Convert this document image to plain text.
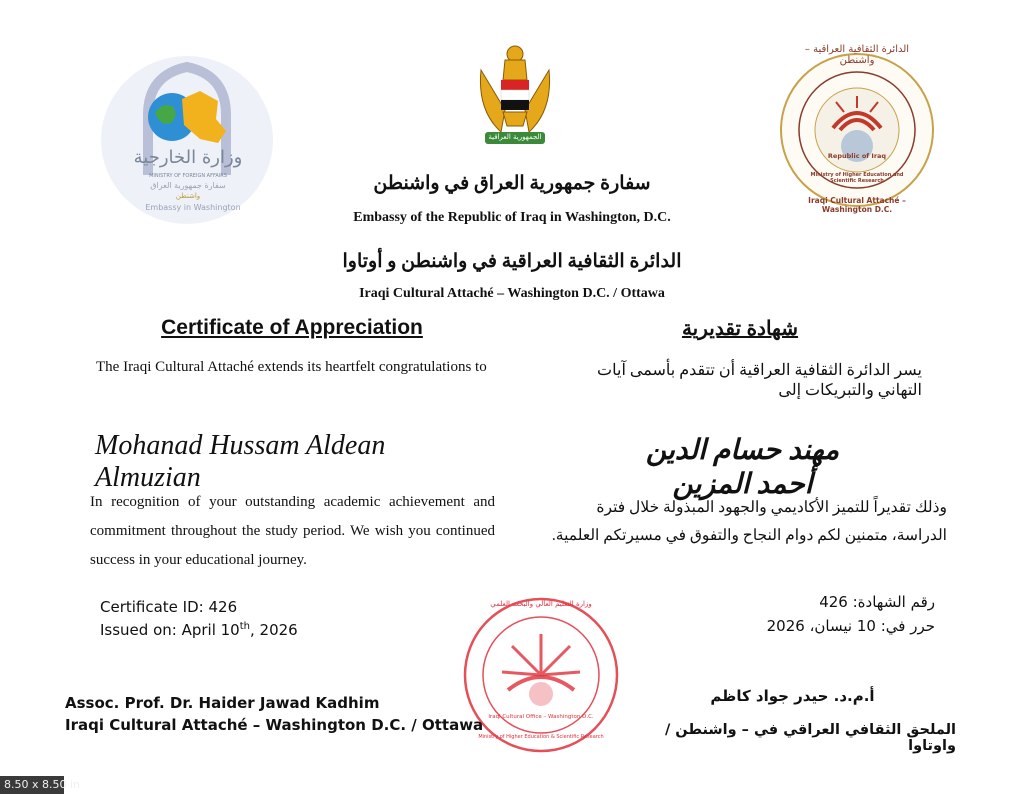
وزارة الخارجية
MINISTRY OF FOREIGN AFFAIRS
سفارة جمهورية العراق
واشنطن
Embassy in Washington
الجمهورية العراقية
الدائرة الثقافية العراقية – واشنطن
Republic of Iraq
Ministry of Higher Education and Scientific Research
Iraqi Cultural Attaché – Washington D.C.
سفارة جمهورية العراق في واشنطن
Embassy of the Republic of Iraq in Washington, D.C.
الدائرة الثقافية العراقية في واشنطن و أوتاوا
Iraqi Cultural Attaché – Washington D.C. / Ottawa
Certificate of Appreciation	شهادة تقديرية
The Iraqi Cultural Attaché extends its heartfelt congratulations to	يسر الدائرة الثقافية العراقية أن تتقدم بأسمى آيات التهاني والتبريكات إلى
Mohanad Hussam Aldean Almuzian
مهند حسام الدين أحمد المزين
In recognition of your outstanding academic achievement and commitment throughout the study period. We wish you continued success in your educational journey.
وذلك تقديراً للتميز الأكاديمي والجهود المبذولة خلال فترة الدراسة، متمنين لكم دوام النجاح والتفوق في مسيرتكم العلمية.
Certificate ID: 426
Issued on: April 10th, 2026
رقم الشهادة: 426
حرر في: 10 نيسان، 2026
وزارة التعليم العالي والبحث العلمي
Iraqi Cultural Office – Washington D.C.
Ministry of Higher Education & Scientific Research
Assoc. Prof. Dr. Haider Jawad Kadhim
Iraqi Cultural Attaché – Washington D.C. / Ottawa
أ.م.د. حيدر جواد كاظم
الملحق الثقافي العراقي في – واشنطن / واوتاوا
8.50 x 8.50 in
